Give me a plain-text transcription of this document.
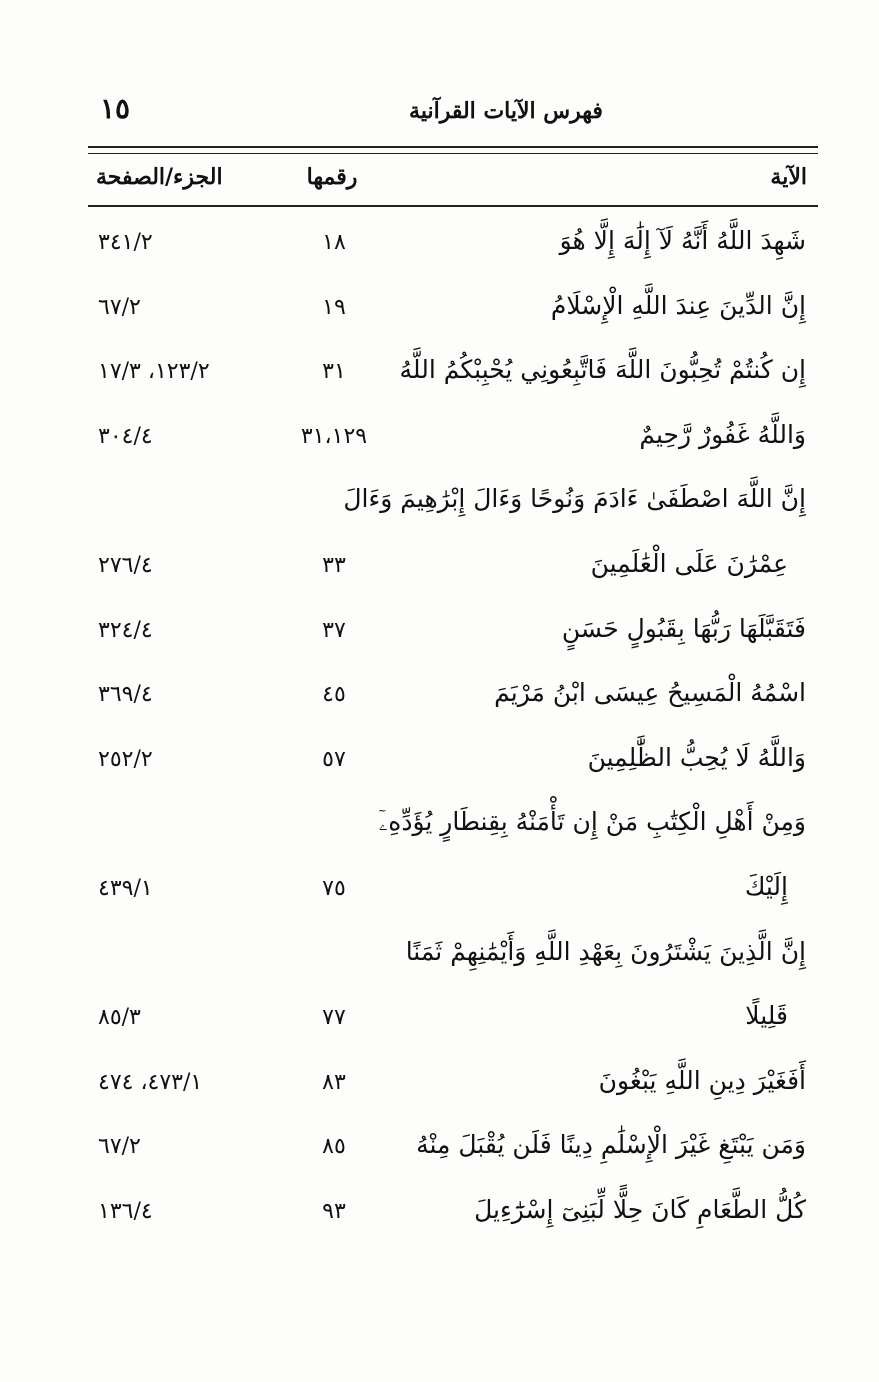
١٥	فهرس الآيات القرآنية
الآية
رقمها
الجزء/الصفحة
شَهِدَ اللَّهُ أَنَّهُ لَآ إِلَٰهَ إِلَّا هُوَ
١٨
٣٤١/٢
إِنَّ الدِّينَ عِندَ اللَّهِ الْإِسْلَامُ
١٩
٦٧/٢
إِن كُنتُمْ تُحِبُّونَ اللَّهَ فَاتَّبِعُونِي يُحْبِبْكُمُ اللَّهُ
٣١
١٢٣/٢، ١٧/٣
وَاللَّهُ غَفُورٌ رَّحِيمٌ
٣١،١٢٩
٣٠٤/٤
إِنَّ اللَّهَ اصْطَفَىٰ ءَادَمَ وَنُوحًا وَءَالَ إِبْرَٰهِيمَ وَءَالَ
عِمْرَٰنَ عَلَى الْعَٰلَمِينَ
٣٣
٢٧٦/٤
فَتَقَبَّلَهَا رَبُّهَا بِقَبُولٍ حَسَنٍ
٣٧
٣٢٤/٤
اسْمُهُ الْمَسِيحُ عِيسَى ابْنُ مَرْيَمَ
٤٥
٣٦٩/٤
وَاللَّهُ لَا يُحِبُّ الظَّٰلِمِينَ
٥٧
٢٥٢/٢
وَمِنْ أَهْلِ الْكِتَٰبِ مَنْ إِن تَأْمَنْهُ بِقِنطَارٍ يُؤَدِّهِۦٓ
إِلَيْكَ
٧٥
٤٣٩/١
إِنَّ الَّذِينَ يَشْتَرُونَ بِعَهْدِ اللَّهِ وَأَيْمَٰنِهِمْ ثَمَنًا
قَلِيلًا
٧٧
٨٥/٣
أَفَغَيْرَ دِينِ اللَّهِ يَبْغُونَ
٨٣
٤٧٣/١، ٤٧٤
وَمَن يَبْتَغِ غَيْرَ الْإِسْلَٰمِ دِينًا فَلَن يُقْبَلَ مِنْهُ
٨٥
٦٧/٢
كُلُّ الطَّعَامِ كَانَ حِلًّا لِّبَنِىٓ إِسْرَٰٓءِيلَ
٩٣
١٣٦/٤
